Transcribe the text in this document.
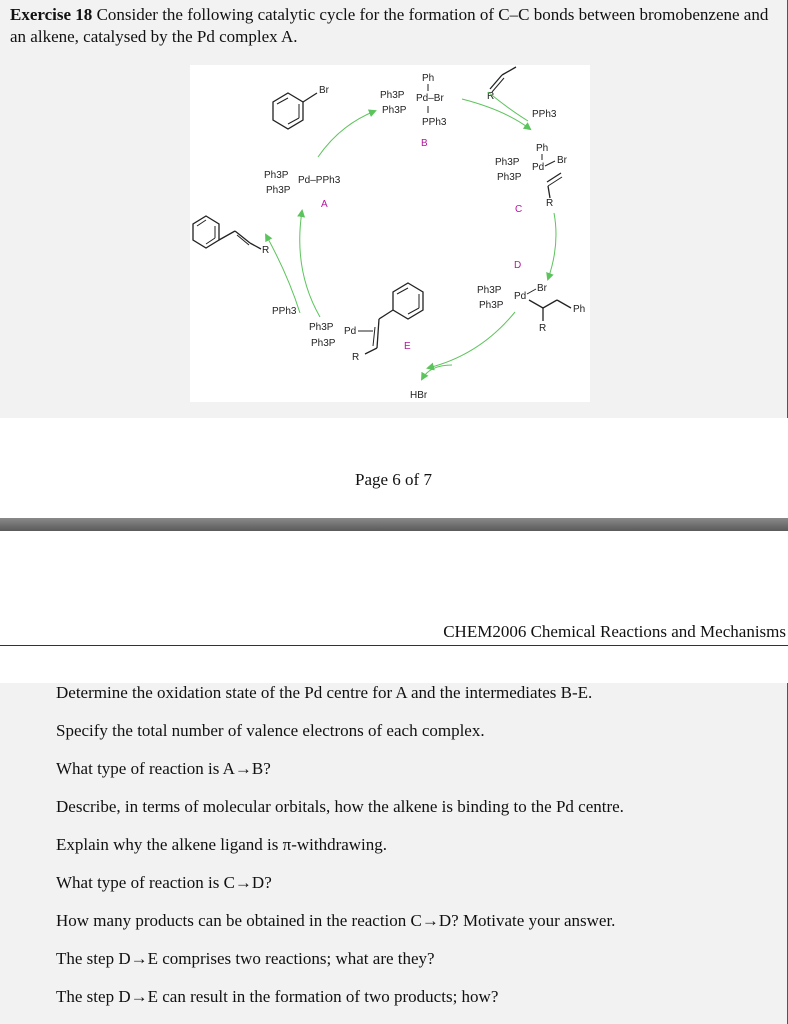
Exercise 18 Consider the following catalytic cycle for the formation of C–C bonds between bromobenzene and an alkene, catalysed by the Pd complex A.
Br
Ph
Ph3P Pd–Br
Ph3P
PPh3
B
R
PPh3
Ph
Ph3P Pd
Br
Ph3P
R
C
Ph3P Pd–PPh3
Ph3P
A
R
D
Ph3P
Pd
Br
Ph3P	Ph
R
PPh3
Ph3P Pd
Ph3P
R
E
HBr
Page 6 of 7
CHEM2006 Chemical Reactions and Mechanisms
Determine the oxidation state of the Pd centre for A and the intermediates B-E.
Specify the total number of valence electrons of each complex.
What type of reaction is A→B?
Describe, in terms of molecular orbitals, how the alkene is binding to the Pd centre.
Explain why the alkene ligand is π-withdrawing.
What type of reaction is C→D?
How many products can be obtained in the reaction C→D? Motivate your answer.
The step D→E comprises two reactions; what are they?
The step D→E can result in the formation of two products; how?
